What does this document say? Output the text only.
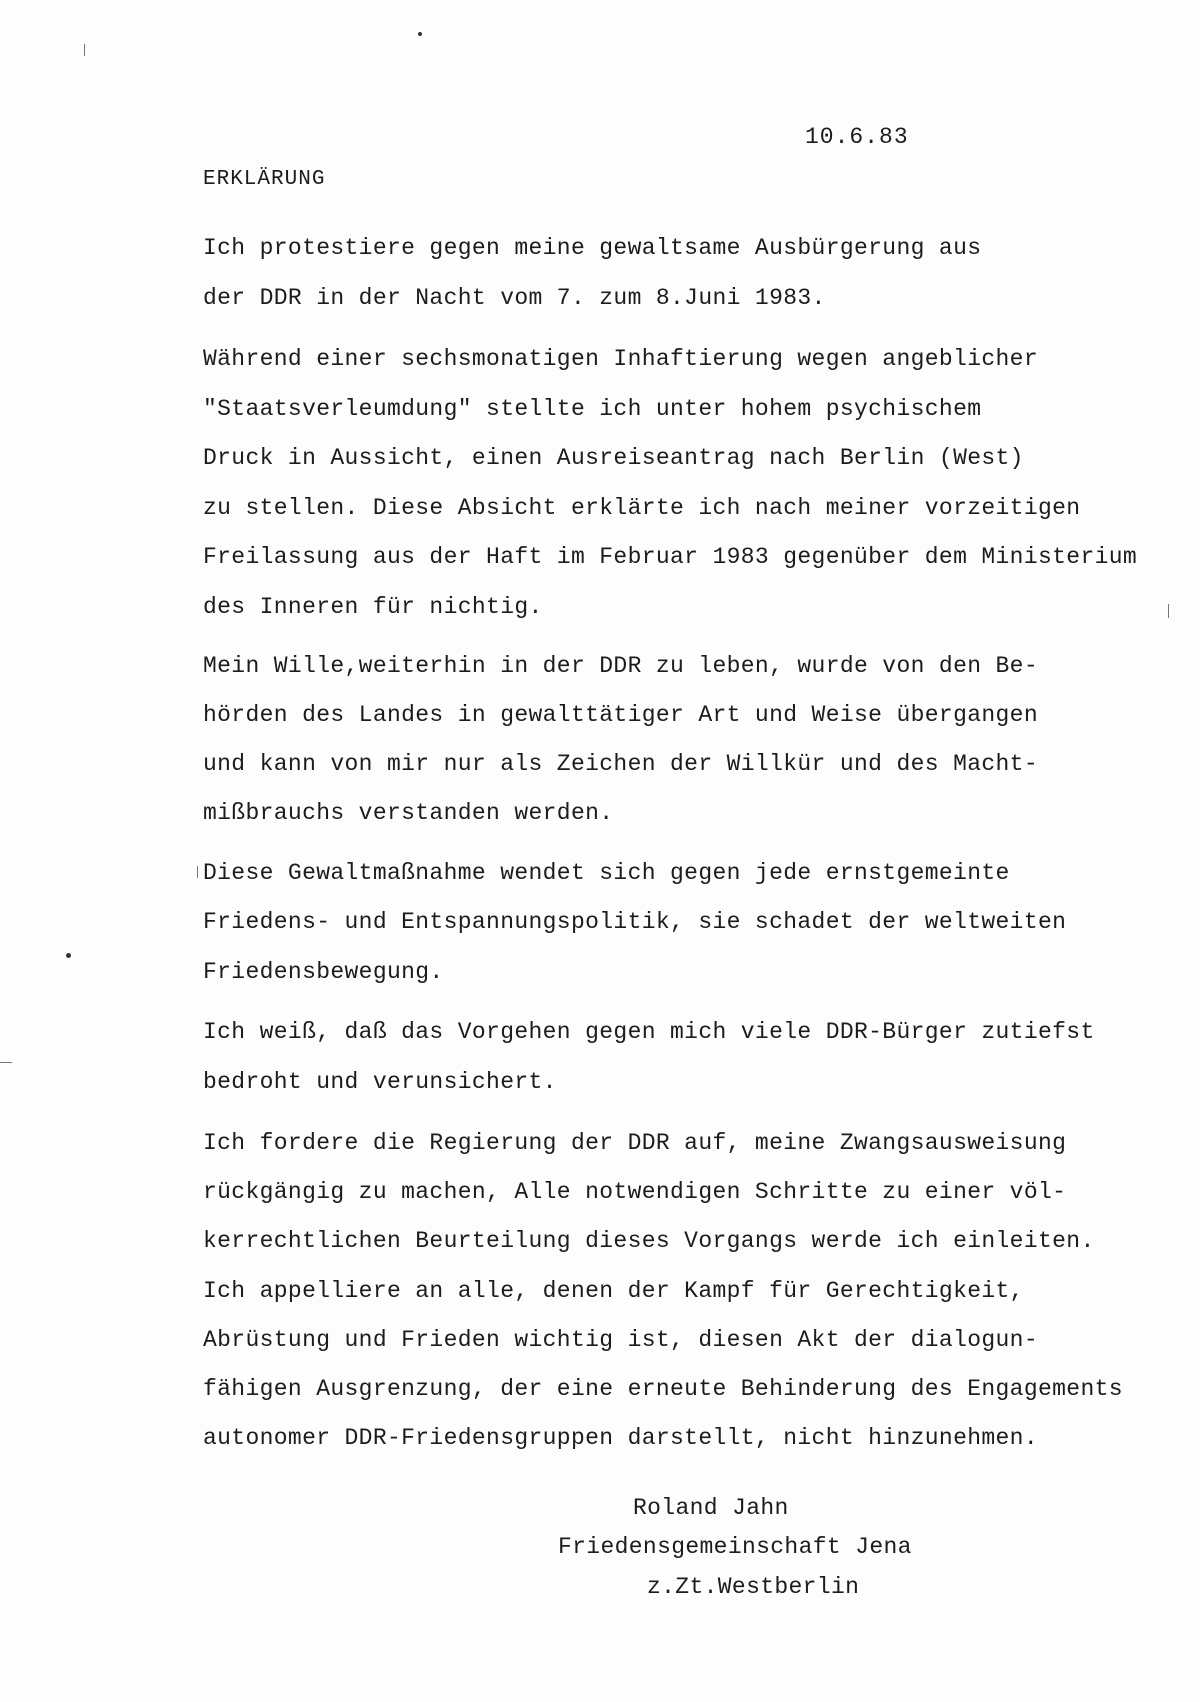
10.6.83
ERKLÄRUNG
Ich protestiere gegen meine gewaltsame Ausbürgerung aus
der DDR in der Nacht vom 7. zum 8.Juni 1983.
Während einer sechsmonatigen Inhaftierung wegen angeblicher
"Staatsverleumdung" stellte ich unter hohem psychischem
Druck in Aussicht, einen Ausreiseantrag nach Berlin (West)
zu stellen. Diese Absicht erklärte ich nach meiner vorzeitigen
Freilassung aus der Haft im Februar 1983 gegenüber dem Ministerium
des Inneren für nichtig.
Mein Wille,weiterhin in der DDR zu leben, wurde von den Be-
hörden des Landes in gewalttätiger Art und Weise übergangen
und kann von mir nur als Zeichen der Willkür und des Macht-
mißbrauchs verstanden werden.
Diese Gewaltmaßnahme wendet sich gegen jede ernstgemeinte
Friedens- und Entspannungspolitik, sie schadet der weltweiten
Friedensbewegung.
Ich weiß, daß das Vorgehen gegen mich viele DDR-Bürger zutiefst
bedroht und verunsichert.
Ich fordere die Regierung der DDR auf, meine Zwangsausweisung
rückgängig zu machen, Alle notwendigen Schritte zu einer völ-
kerrechtlichen Beurteilung dieses Vorgangs werde ich einleiten.
Ich appelliere an alle, denen der Kampf für Gerechtigkeit,
Abrüstung und Frieden wichtig ist, diesen Akt der dialogun-
fähigen Ausgrenzung, der eine erneute Behinderung des Engagements
autonomer DDR-Friedensgruppen darstellt, nicht hinzunehmen.
Roland Jahn
Friedensgemeinschaft Jena
z.Zt.Westberlin
